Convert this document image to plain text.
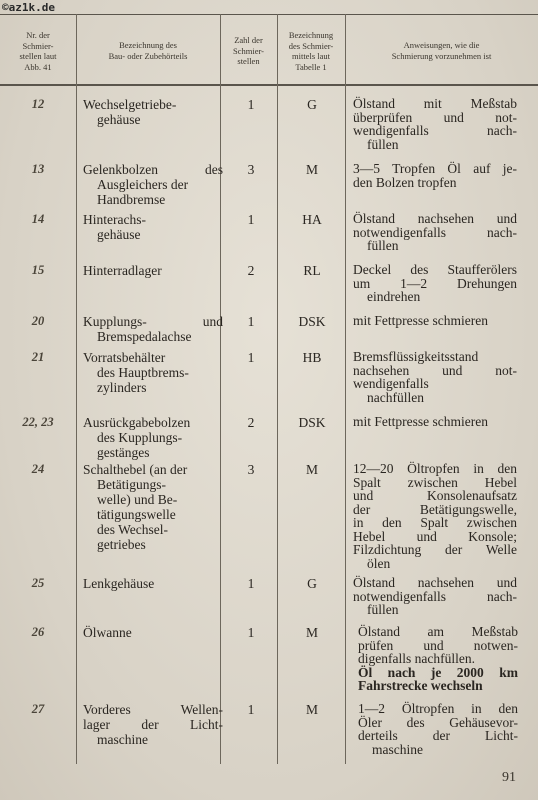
©az1k.de
Nr. der
Schmier-
stellen laut
Abb. 41
Bezeichnung des
Bau- oder Zubehörteils
Zahl der
Schmier-
stellen
Bezeichnung
des Schmier-
mittels laut
Tabelle 1
Anweisungen, wie die
Schmierung vorzunehmen ist
12	Wechselgetriebe-
gehäuse
1	G	Ölstand mit Meßstab
überprüfen und not-
wendigenfalls nach-
füllen
13	Gelenkbolzen des
Ausgleichers der
Handbremse
3	M	3—5 Tropfen Öl auf je-
den Bolzen tropfen
14	Hinterachs-
gehäuse
1	HA	Ölstand nachsehen und
notwendigenfalls nach-
füllen
15	Hinterradlager	2	RL	Deckel des Staufferölers
um 1—2 Drehungen
eindrehen
20	Kupplungs- und
Bremspedalachse
1	DSK	mit Fettpresse schmieren
21	Vorratsbehälter
des Hauptbrems-
zylinders
1	HB	Bremsflüssigkeitsstand
nachsehen und not-
wendigenfalls
nachfüllen
22, 23	Ausrückgabebolzen
des Kupplungs-
gestänges
2	DSK	mit Fettpresse schmieren
24	Schalthebel (an der
Betätigungs-
welle) und Be-
tätigungswelle
des Wechsel-
getriebes
3	M	12—20 Öltropfen in den
Spalt zwischen Hebel
und Konsolenaufsatz
der Betätigungswelle,
in den Spalt zwischen
Hebel und Konsole;
Filzdichtung der Welle
ölen
25	Lenkgehäuse	1	G	Ölstand nachsehen und
notwendigenfalls nach-
füllen
26	Ölwanne	1	M	Ölstand am Meßstab
prüfen und notwen-
digenfalls nachfüllen.
Öl nach je 2000 km
Fahrstrecke wechseln
27	Vorderes Wellen-
lager der Licht-
maschine
1	M	1—2 Öltropfen in den
Öler des Gehäusevor-
derteils der Licht-
maschine
91
